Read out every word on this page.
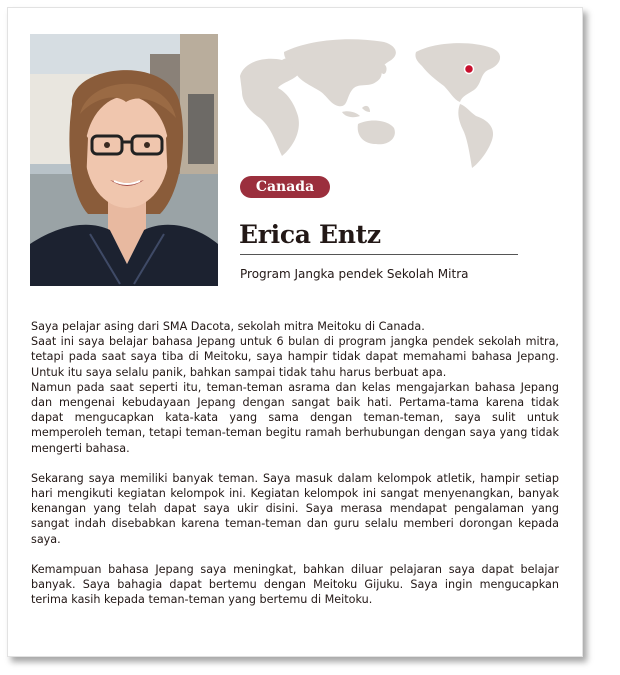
Canada
Erica Entz
Program Jangka pendek Sekolah Mitra

Saya pelajar asing dari SMA Dacota, sekolah mitra Meitoku di Canada.
Saat ini saya belajar bahasa Jepang untuk 6 bulan di program jangka pendek sekolah mitra, tetapi pada saat saya tiba di Meitoku, saya hampir tidak dapat memahami bahasa Jepang. Untuk itu saya selalu panik, bahkan sampai tidak tahu harus berbuat apa.
Namun pada saat seperti itu, teman-teman asrama dan kelas mengajarkan bahasa Jepang dan mengenai kebudayaan Jepang dengan sangat baik hati. Pertama-tama karena tidak dapat mengucapkan kata-kata yang sama dengan teman-teman, saya sulit untuk memperoleh teman, tetapi teman-teman begitu ramah berhubungan dengan saya yang tidak mengerti bahasa.

Sekarang saya memiliki banyak teman. Saya masuk dalam kelompok atletik, hampir setiap hari mengikuti kegiatan kelompok ini. Kegiatan kelompok ini sangat menyenangkan, banyak kenangan yang telah dapat saya ukir disini. Saya merasa mendapat pengalaman yang sangat indah disebabkan karena teman-teman dan guru selalu memberi dorongan kepada saya.

Kemampuan bahasa Jepang saya meningkat, bahkan diluar pelajaran saya dapat belajar banyak. Saya bahagia dapat bertemu dengan Meitoku Gijuku. Saya ingin mengucapkan terima kasih kepada teman-teman yang bertemu di Meitoku.
